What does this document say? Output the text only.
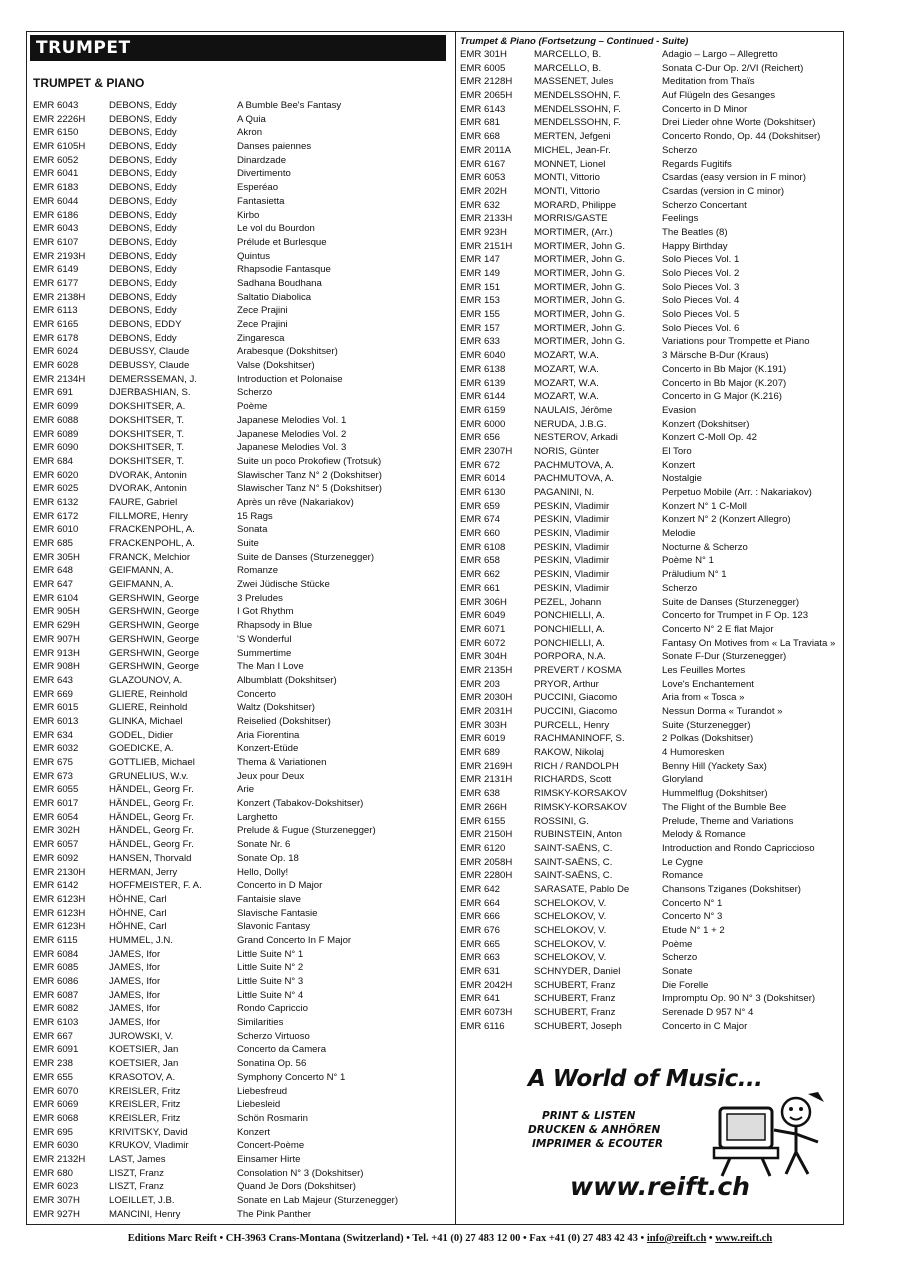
TRUMPET
TRUMPET & PIANO
EMR 6043	DEBONS, Eddy	A Bumble Bee's Fantasy
EMR 2226H	DEBONS, Eddy	A Quia
EMR 6150	DEBONS, Eddy	Akron
EMR 6105H	DEBONS, Eddy	Danses paiennes
EMR 6052	DEBONS, Eddy	Dinardzade
EMR 6041	DEBONS, Eddy	Divertimento
EMR 6183	DEBONS, Eddy	Esperéao
EMR 6044	DEBONS, Eddy	Fantasietta
EMR 6186	DEBONS, Eddy	Kirbo
EMR 6043	DEBONS, Eddy	Le vol du Bourdon
EMR 6107	DEBONS, Eddy	Prélude et Burlesque
EMR 2193H	DEBONS, Eddy	Quintus
EMR 6149	DEBONS, Eddy	Rhapsodie Fantasque
EMR 6177	DEBONS, Eddy	Sadhana Boudhana
EMR 2138H	DEBONS, Eddy	Saltatio Diabolica
EMR 6113	DEBONS, Eddy	Zece Prajini
EMR 6165	DEBONS, EDDY	Zece Prajini
EMR 6178	DEBONS, Eddy	Zingaresca
EMR 6024	DEBUSSY, Claude	Arabesque (Dokshitser)
EMR 6028	DEBUSSY, Claude	Valse (Dokshitser)
EMR 2134H	DEMERSSEMAN, J.	Introduction et Polonaise
EMR 691	DJERBASHIAN, S.	Scherzo
EMR 6099	DOKSHITSER, A.	Poème
EMR 6088	DOKSHITSER, T.	Japanese Melodies Vol. 1
EMR 6089	DOKSHITSER, T.	Japanese Melodies Vol. 2
EMR 6090	DOKSHITSER, T.	Japanese Melodies Vol. 3
EMR 684	DOKSHITSER, T.	Suite un poco Prokofiew (Trotsuk)
EMR 6020	DVORAK, Antonin	Slawischer Tanz N° 2 (Dokshitser)
EMR 6025	DVORAK, Antonin	Slawischer Tanz N° 5 (Dokshitser)
EMR 6132	FAURE, Gabriel	Après un rêve (Nakariakov)
EMR 6172	FILLMORE, Henry	15 Rags
EMR 6010	FRACKENPOHL, A.	Sonata
EMR 685	FRACKENPOHL, A.	Suite
EMR 305H	FRANCK, Melchior	Suite de Danses (Sturzenegger)
EMR 648	GEIFMANN, A.	Romanze
EMR 647	GEIFMANN, A.	Zwei Jüdische Stücke
EMR 6104	GERSHWIN, George	3 Preludes
EMR 905H	GERSHWIN, George	I Got Rhythm
EMR 629H	GERSHWIN, George	Rhapsody in Blue
EMR 907H	GERSHWIN, George	'S Wonderful
EMR 913H	GERSHWIN, George	Summertime
EMR 908H	GERSHWIN, George	The Man I Love
EMR 643	GLAZOUNOV, A.	Albumblatt (Dokshitser)
EMR 669	GLIERE, Reinhold	Concerto
EMR 6015	GLIERE, Reinhold	Waltz (Dokshitser)
EMR 6013	GLINKA, Michael	Reiselied (Dokshitser)
EMR 634	GODEL, Didier	Aria Fiorentina
EMR 6032	GOEDICKE, A.	Konzert-Etüde
EMR 675	GOTTLIEB, Michael	Thema & Variationen
EMR 673	GRUNELIUS, W.v.	Jeux pour Deux
EMR 6055	HÄNDEL, Georg Fr.	Arie
EMR 6017	HÄNDEL, Georg Fr.	Konzert (Tabakov-Dokshitser)
EMR 6054	HÄNDEL, Georg Fr.	Larghetto
EMR 302H	HÄNDEL, Georg Fr.	Prelude & Fugue (Sturzenegger)
EMR 6057	HÄNDEL, Georg Fr.	Sonate Nr. 6
EMR 6092	HANSEN, Thorvald	Sonate Op. 18
EMR 2130H	HERMAN, Jerry	Hello, Dolly!
EMR 6142	HOFFMEISTER, F. A.	Concerto in D Major
EMR 6123H	HÖHNE, Carl	Fantaisie slave
EMR 6123H	HÖHNE, Carl	Slavische Fantasie
EMR 6123H	HÖHNE, Carl	Slavonic Fantasy
EMR 6115	HUMMEL, J.N.	Grand Concerto In F Major
EMR 6084	JAMES, Ifor	Little Suite N° 1
EMR 6085	JAMES, Ifor	Little Suite N° 2
EMR 6086	JAMES, Ifor	Little Suite N° 3
EMR 6087	JAMES, Ifor	Little Suite N° 4
EMR 6082	JAMES, Ifor	Rondo Capriccio
EMR 6103	JAMES, Ifor	Similarities
EMR 667	JUROWSKI, V.	Scherzo Virtuoso
EMR 6091	KOETSIER, Jan	Concerto da Camera
EMR 238	KOETSIER, Jan	Sonatina Op. 56
EMR 655	KRASOTOV, A.	Symphony Concerto N° 1
EMR 6070	KREISLER, Fritz	Liebesfreud
EMR 6069	KREISLER, Fritz	Liebesleid
EMR 6068	KREISLER, Fritz	Schön Rosmarin
EMR 695	KRIVITSKY, David	Konzert
EMR 6030	KRUKOV, Vladimir	Concert-Poème
EMR 2132H	LAST, James	Einsamer Hirte
EMR 680	LISZT, Franz	Consolation N° 3 (Dokshitser)
EMR 6023	LISZT, Franz	Quand Je Dors (Dokshitser)
EMR 307H	LOEILLET, J.B.	Sonate en Lab Majeur (Sturzenegger)
EMR 927H	MANCINI, Henry	The Pink Panther
Trumpet & Piano (Fortsetzung – Continued - Suite)
EMR 301H	MARCELLO, B.	Adagio – Largo – Allegretto
EMR 6005	MARCELLO, B.	Sonata C-Dur Op. 2/VI (Reichert)
EMR 2128H	MASSENET, Jules	Meditation from Thaïs
EMR 2065H	MENDELSSOHN, F.	Auf Flügeln des Gesanges
EMR 6143	MENDELSSOHN, F.	Concerto in D Minor
EMR 681	MENDELSSOHN, F.	Drei Lieder ohne Worte (Dokshitser)
EMR 668	MERTEN, Jefgeni	Concerto Rondo, Op. 44 (Dokshitser)
EMR 2011A	MICHEL, Jean-Fr.	Scherzo
EMR 6167	MONNET, Lionel	Regards Fugitifs
EMR 6053	MONTI, Vittorio	Csardas (easy version in F minor)
EMR 202H	MONTI, Vittorio	Csardas (version in C minor)
EMR 632	MORARD, Philippe	Scherzo Concertant
EMR 2133H	MORRIS/GASTE	Feelings
EMR 923H	MORTIMER, (Arr.)	The Beatles (8)
EMR 2151H	MORTIMER, John G.	Happy Birthday
EMR 147	MORTIMER, John G.	Solo Pieces Vol. 1
EMR 149	MORTIMER, John G.	Solo Pieces Vol. 2
EMR 151	MORTIMER, John G.	Solo Pieces Vol. 3
EMR 153	MORTIMER, John G.	Solo Pieces Vol. 4
EMR 155	MORTIMER, John G.	Solo Pieces Vol. 5
EMR 157	MORTIMER, John G.	Solo Pieces Vol. 6
EMR 633	MORTIMER, John G.	Variations pour Trompette et Piano
EMR 6040	MOZART, W.A.	3 Märsche B-Dur (Kraus)
EMR 6138	MOZART, W.A.	Concerto in Bb Major (K.191)
EMR 6139	MOZART, W.A.	Concerto in Bb Major (K.207)
EMR 6144	MOZART, W.A.	Concerto in G Major (K.216)
EMR 6159	NAULAIS, Jérôme	Evasion
EMR 6000	NERUDA, J.B.G.	Konzert (Dokshitser)
EMR 656	NESTEROV, Arkadi	Konzert C-Moll Op. 42
EMR 2307H	NORIS, Günter	El Toro
EMR 672	PACHMUTOVA, A.	Konzert
EMR 6014	PACHMUTOVA, A.	Nostalgie
EMR 6130	PAGANINI, N.	Perpetuo Mobile (Arr. : Nakariakov)
EMR 659	PESKIN, Vladimir	Konzert N° 1 C-Moll
EMR 674	PESKIN, Vladimir	Konzert N° 2 (Konzert Allegro)
EMR 660	PESKIN, Vladimir	Melodie
EMR 6108	PESKIN, Vladimir	Nocturne & Scherzo
EMR 658	PESKIN, Vladimir	Poème N° 1
EMR 662	PESKIN, Vladimir	Präludium N° 1
EMR 661	PESKIN, Vladimir	Scherzo
EMR 306H	PEZEL, Johann	Suite de Danses (Sturzenegger)
EMR 6049	PONCHIELLI, A.	Concerto for Trumpet in F Op. 123
EMR 6071	PONCHIELLI, A.	Concerto N° 2 E flat Major
EMR 6072	PONCHIELLI, A.	Fantasy On Motives from « La Traviata »
EMR 304H	PORPORA, N.A.	Sonate F-Dur (Sturzenegger)
EMR 2135H	PREVERT / KOSMA	Les Feuilles Mortes
EMR 203	PRYOR, Arthur	Love's Enchantement
EMR 2030H	PUCCINI, Giacomo	Aria from « Tosca »
EMR 2031H	PUCCINI, Giacomo	Nessun Dorma « Turandot »
EMR 303H	PURCELL, Henry	Suite (Sturzenegger)
EMR 6019	RACHMANINOFF, S.	2 Polkas (Dokshitser)
EMR 689	RAKOW, Nikolaj	4 Humoresken
EMR 2169H	RICH / RANDOLPH	Benny Hill (Yackety Sax)
EMR 2131H	RICHARDS, Scott	Gloryland
EMR 638	RIMSKY-KORSAKOV	Hummelflug (Dokshitser)
EMR 266H	RIMSKY-KORSAKOV	The Flight of the Bumble Bee
EMR 6155	ROSSINI, G.	Prelude, Theme and Variations
EMR 2150H	RUBINSTEIN, Anton	Melody & Romance
EMR 6120	SAINT-SAËNS, C.	Introduction and Rondo Capriccioso
EMR 2058H	SAINT-SAËNS, C.	Le Cygne
EMR 2280H	SAINT-SAËNS, C.	Romance
EMR 642	SARASATE, Pablo De	Chansons Tziganes (Dokshitser)
EMR 664	SCHELOKOV, V.	Concerto N° 1
EMR 666	SCHELOKOV, V.	Concerto N° 3
EMR 676	SCHELOKOV, V.	Etude N° 1 + 2
EMR 665	SCHELOKOV, V.	Poème
EMR 663	SCHELOKOV, V.	Scherzo
EMR 631	SCHNYDER, Daniel	Sonate
EMR 2042H	SCHUBERT, Franz	Die Forelle
EMR 641	SCHUBERT, Franz	Impromptu Op. 90 N° 3 (Dokshitser)
EMR 6073H	SCHUBERT, Franz	Serenade D 957 N° 4
EMR 6116	SCHUBERT, Joseph	Concerto in C Major
A World of Music...
PRINT & LISTEN
DRUCKEN & ANHÖREN
IMPRIMER & ECOUTER
www.reift.ch
Editions Marc Reift • CH-3963 Crans-Montana (Switzerland) • Tel. +41 (0) 27 483 12 00 • Fax +41 (0) 27 483 42 43 • info@reift.ch • www.reift.ch
